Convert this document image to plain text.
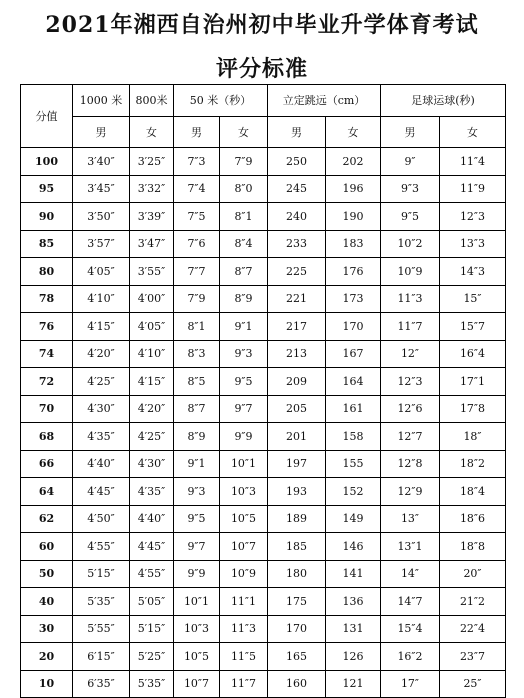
2021年湘西自治州初中毕业升学体育考试
评分标准
分值	1000 米	800米	50 米（秒）		立定跳远（cm）		足球运球(秒)	
	男	女	男	女	男	女	男	女
100	3′40″	3′25″	7″3	7″9	250	202	9″	11″4
95	3′45″	3′32″	7″4	8″0	245	196	9″3	11″9
90	3′50″	3′39″	7″5	8″1	240	190	9″5	12″3
85	3′57″	3′47″	7″6	8″4	233	183	10″2	13″3
80	4′05″	3′55″	7″7	8″7	225	176	10″9	14″3
78	4′10″	4′00″	7″9	8″9	221	173	11″3	15″
76	4′15″	4′05″	8″1	9″1	217	170	11″7	15″7
74	4′20″	4′10″	8″3	9″3	213	167	12″	16″4
72	4′25″	4′15″	8″5	9″5	209	164	12″3	17″1
70	4′30″	4′20″	8″7	9″7	205	161	12″6	17″8
68	4′35″	4′25″	8″9	9″9	201	158	12″7	18″
66	4′40″	4′30″	9″1	10″1	197	155	12″8	18″2
64	4′45″	4′35″	9″3	10″3	193	152	12″9	18″4
62	4′50″	4′40″	9″5	10″5	189	149	13″	18″6
60	4′55″	4′45″	9″7	10″7	185	146	13″1	18″8
50	5′15″	4′55″	9″9	10″9	180	141	14″	20″
40	5′35″	5′05″	10″1	11″1	175	136	14″7	21″2
30	5′55″	5′15″	10″3	11″3	170	131	15″4	22″4
20	6′15″	5′25″	10″5	11″5	165	126	16″2	23″7
10	6′35″	5′35″	10″7	11″7	160	121	17″	25″
